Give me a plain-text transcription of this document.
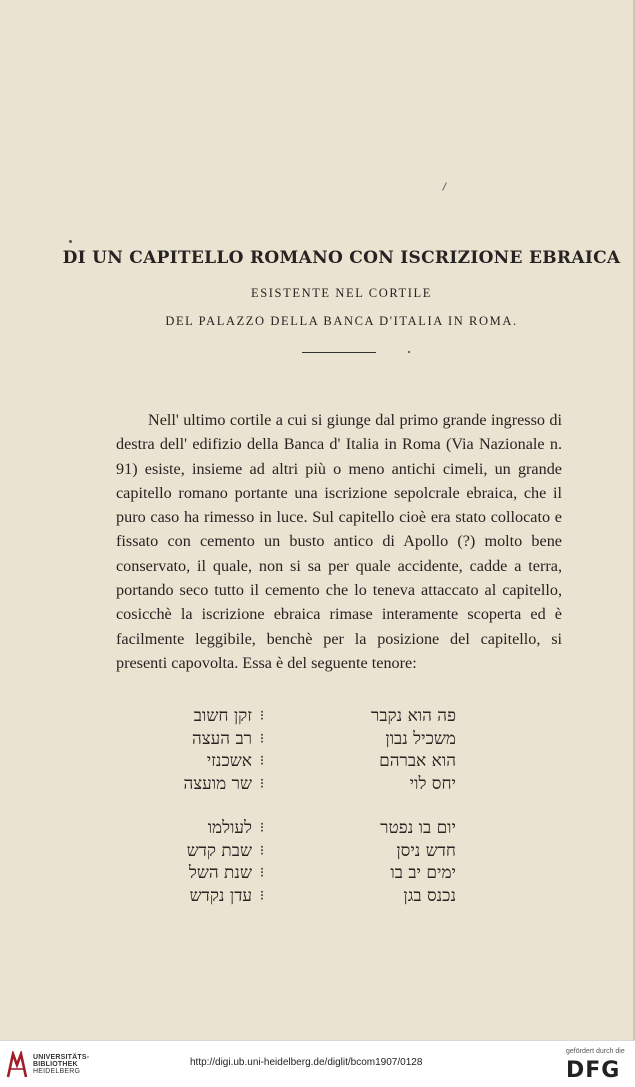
DI UN CAPITELLO ROMANO CON ISCRIZIONE EBRAICA
ESISTENTE NEL CORTILE
DEL PALAZZO DELLA BANCA D'ITALIA IN ROMA.

Nell' ultimo cortile a cui si giunge dal primo grande ingresso di destra dell' edifizio della Banca d' Italia in Roma (Via Nazionale n. 91) esiste, insieme ad altri più o meno antichi cimeli, un grande capitello romano portante una iscrizione sepolcrale ebraica, che il puro caso ha rimesso in luce. Sul capitello cioè era stato collocato e fissato con cemento un busto antico di Apollo (?) molto bene conservato, il quale, non si sa per quale accidente, cadde a terra, portando seco tutto il cemento che lo teneva attaccato al capitello, cosicchè la iscrizione ebraica rimase interamente scoperta ed è facilmente leggibile, benchè per la posizione del capitello, si presenti capovolta. Essa è del seguente tenore:

פה הוא נקבר
⁝
זקן חשוב
משכיל נבון
⁝
רב העצה
הוא אברהם
⁝
אשכנזי
יחס לוי
⁝
שר מועצה
יום בו נפטר
⁝
לעולמו
חדש ניסן
⁝
שבת קדש
ימים יב בו
⁝
שנת השל
נכנס בגן
⁝
עדן נקדש
UNIVERSITÄTS-
BIBLIOTHEK
HEIDELBERG
http://digi.ub.uni-heidelberg.de/diglit/bcom1907/0128
gefördert durch die
DFG
